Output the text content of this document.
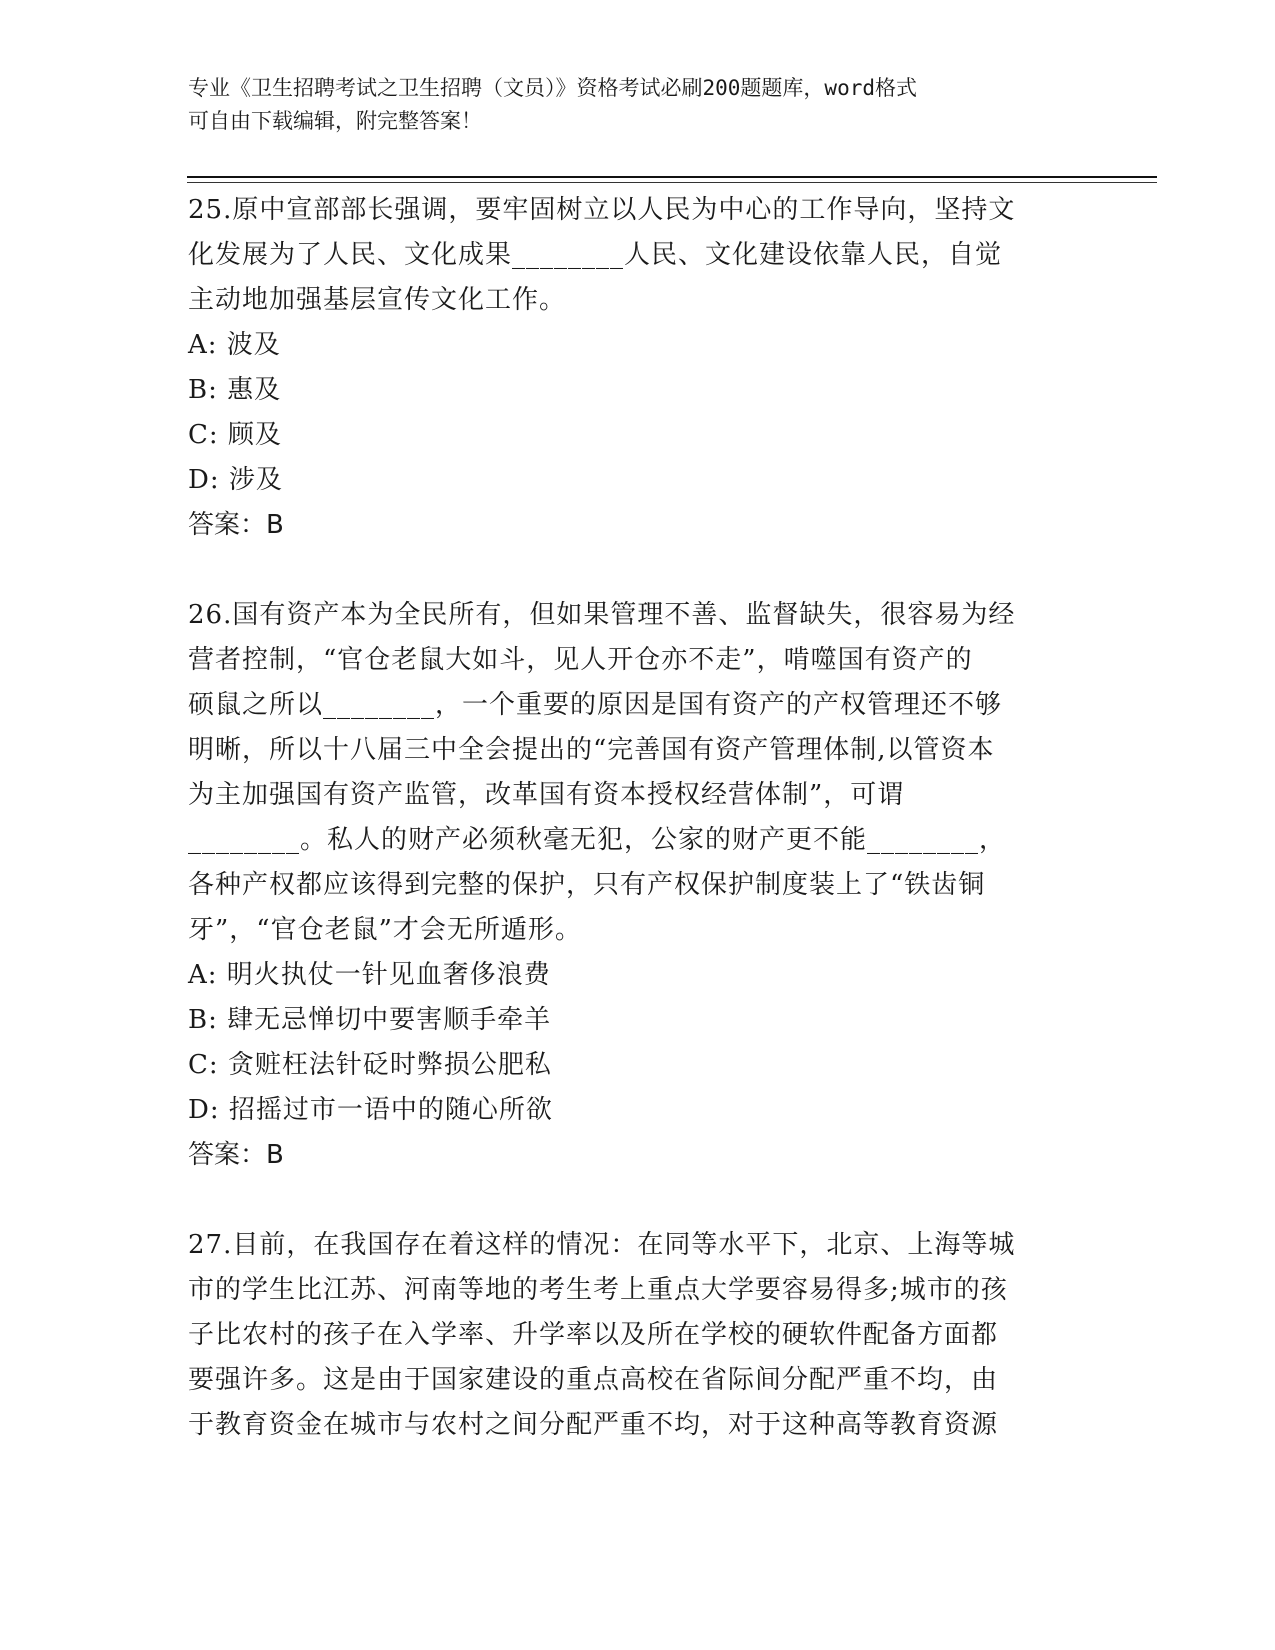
专业《卫生招聘考试之卫生招聘（文员）》资格考试必刷200题题库，word格式
可自由下载编辑，附完整答案！
25.原中宣部部长强调，要牢固树立以人民为中心的工作导向，坚持文
化发展为了人民、文化成果________人民、文化建设依靠人民，自觉
主动地加强基层宣传文化工作。
A: 波及
B: 惠及
C: 顾及
D: 涉及
答案：B
26.国有资产本为全民所有，但如果管理不善、监督缺失，很容易为经
营者控制，“官仓老鼠大如斗，见人开仓亦不走”，啃噬国有资产的
硕鼠之所以________，一个重要的原因是国有资产的产权管理还不够
明晰，所以十八届三中全会提出的“完善国有资产管理体制,以管资本
为主加强国有资产监管，改革国有资本授权经营体制”，可谓
________。私人的财产必须秋毫无犯，公家的财产更不能________，
各种产权都应该得到完整的保护，只有产权保护制度装上了“铁齿铜
牙”，“官仓老鼠”才会无所遁形。
A: 明火执仗一针见血奢侈浪费
B: 肆无忌惮切中要害顺手牵羊
C: 贪赃枉法针砭时弊损公肥私
D: 招摇过市一语中的随心所欲
答案：B
27.目前，在我国存在着这样的情况：在同等水平下，北京、上海等城
市的学生比江苏、河南等地的考生考上重点大学要容易得多;城市的孩
子比农村的孩子在入学率、升学率以及所在学校的硬软件配备方面都
要强许多。这是由于国家建设的重点高校在省际间分配严重不均，由
于教育资金在城市与农村之间分配严重不均，对于这种高等教育资源
